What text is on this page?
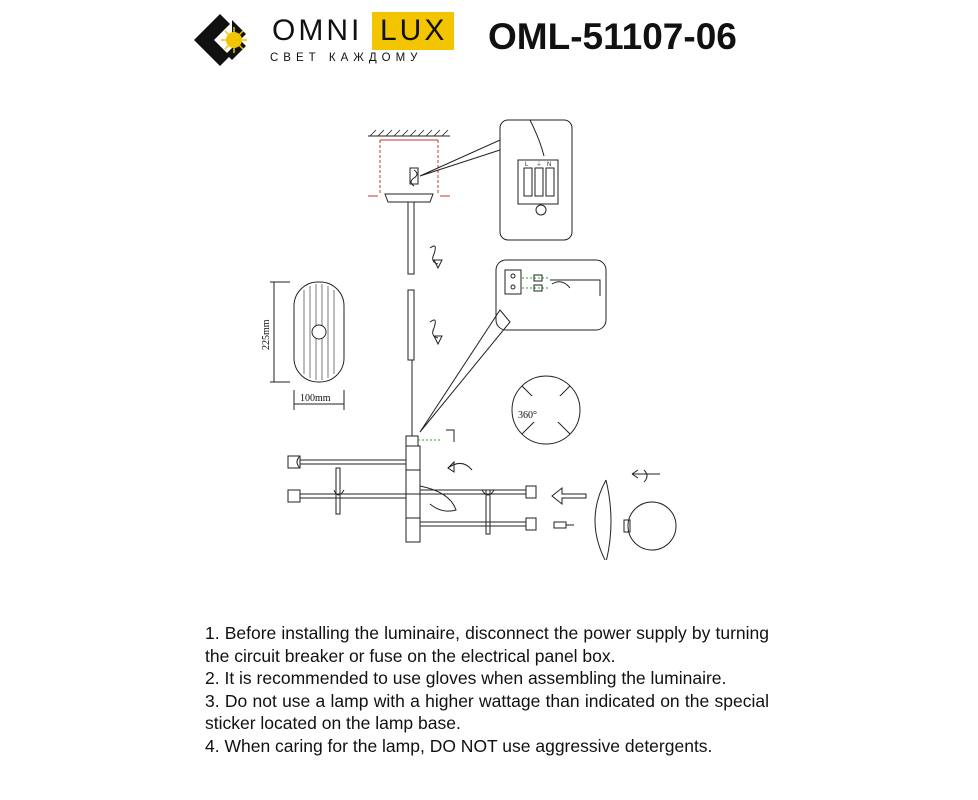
OMNI LUX
СВЕТ КАЖДОМУ
OML-51107-06
L ⏚ N
360°
225mm
100mm

1. Before installing the luminaire, disconnect the power supply by turning the circuit breaker or fuse on the electrical panel box.

2. It is recommended to use gloves when assembling the luminaire.

3. Do not use a lamp with a higher wattage than indicated on the special sticker located on the lamp base.

4. When caring for the lamp, DO NOT use aggressive detergents.
